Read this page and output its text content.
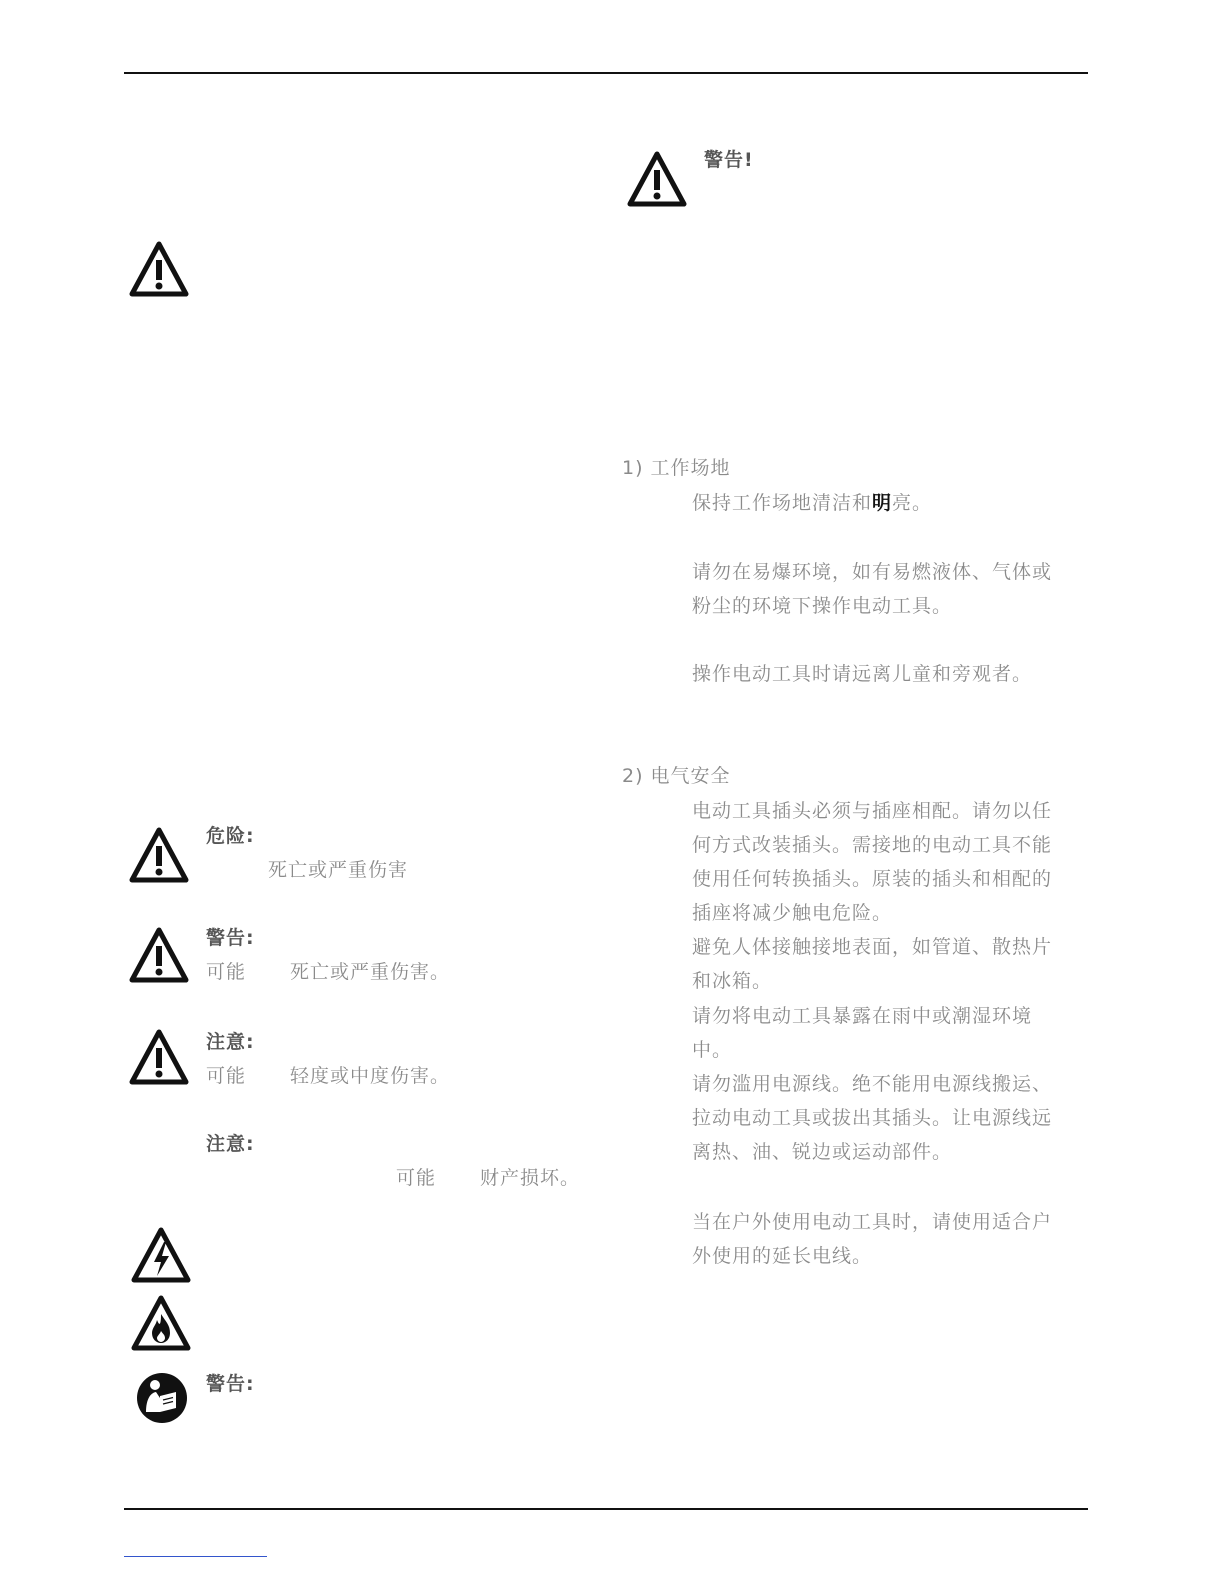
危险:
死亡或严重伤害
警告:
可能 死亡或严重伤害。
注意:
可能 轻度或中度伤害。
注意:
可能 财产损坏。
警告:
警告!
1) 工作场地
保持工作场地清洁和明亮。
请勿在易爆环境，如有易燃液体、气体或
粉尘的环境下操作电动工具。
操作电动工具时请远离儿童和旁观者。
2) 电气安全
电动工具插头必须与插座相配。请勿以任
何方式改装插头。需接地的电动工具不能
使用任何转换插头。原装的插头和相配的
插座将减少触电危险。
避免人体接触接地表面，如管道、散热片
和冰箱。
请勿将电动工具暴露在雨中或潮湿环境
中。
请勿滥用电源线。绝不能用电源线搬运、
拉动电动工具或拔出其插头。让电源线远
离热、油、锐边或运动部件。
当在户外使用电动工具时，请使用适合户
外使用的延长电线。
